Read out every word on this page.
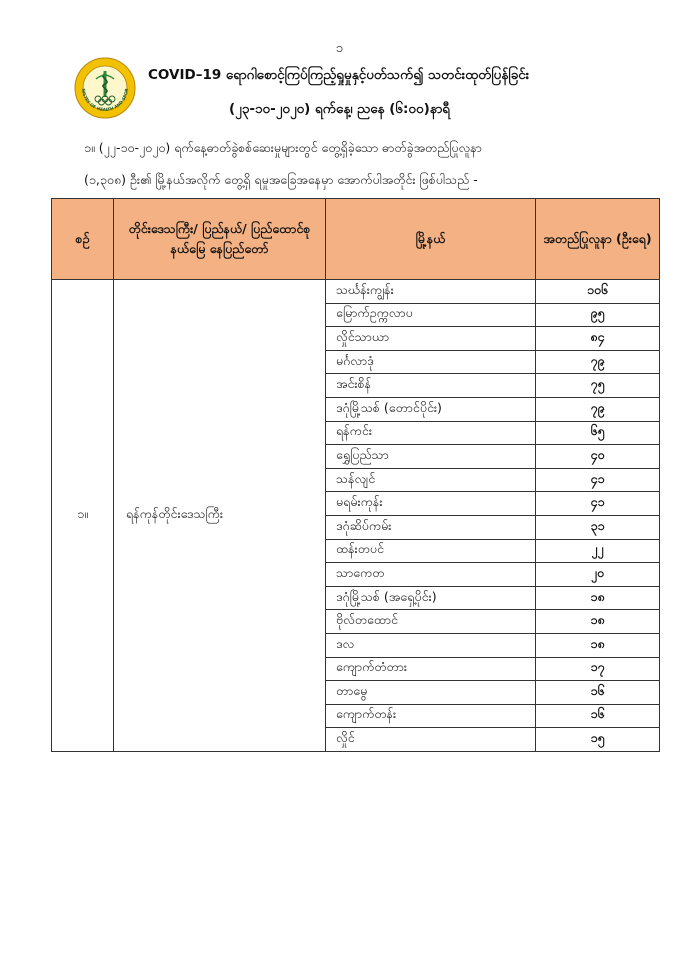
၁
NISTRY OF HEALTH AND SPOR
COVID–19 ရောဂါစောင့်ကြပ်ကြည့်ရှုမှုနှင့်ပတ်သက်၍ သတင်းထုတ်ပြန်ခြင်း
(၂၃-၁၀-၂၀၂၀) ရက်နေ့၊ ညနေ (၆:၀၀)နာရီ
၁။ (၂၂-၁၀-၂၀၂၀) ရက်နေ့ဓာတ်ခွဲစစ်ဆေးမှုများတွင် တွေ့ရှိခဲ့သော ဓာတ်ခွဲအတည်ပြုလူနာ
(၁,၃၀၈) ဦး၏ မြို့နယ်အလိုက် တွေ့ရှိ ရမှုအခြေအနေမှာ အောက်ပါအတိုင်း ဖြစ်ပါသည် -
စဉ်	တိုင်းဒေသကြီး/ ပြည်နယ်/ ပြည်ထောင်စုနယ်မြေ နေပြည်တော်	မြို့နယ်	အတည်ပြုလူနာ (ဦးရေ)
၁။	ရန်ကုန်တိုင်းဒေသကြီး	သင်္ဃန်းကျွန်း	၁၀၆
		မြောက်ဥက္ကလာပ	၉၅
		လှိုင်သာယာ	၈၄
		မင်္ဂလာဒုံ	၇၉
		အင်းစိန်	၇၅
		ဒဂုံမြို့သစ် (တောင်ပိုင်း)	၇၉
		ရန်ကင်း	၆၅
		ရွှေပြည်သာ	၄၀
		သန်လျင်	၄၁
		မရမ်းကုန်း	၄၁
		ဒဂုံဆိပ်ကမ်း	၃၁
		ထန်းတပင်	၂၂
		သာကေတ	၂၀
		ဒဂုံမြို့သစ် (အရှေ့ပိုင်း)	၁၈
		ဗိုလ်တထောင်	၁၈
		ဒလ	၁၈
		ကျောက်တံတား	၁၇
		တာမွေ	၁၆
		ကျောက်တန်း	၁၆
		လှိုင်	၁၅
